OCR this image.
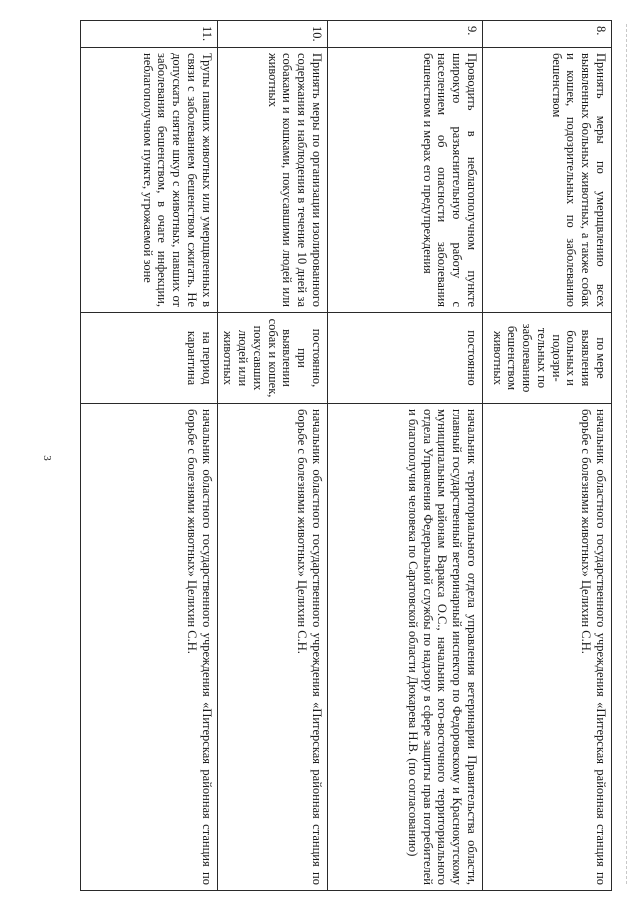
3
8.	Принять меры по умерщвлению всех выявленных больных животных, а также собак и кошек, подозрительных по заболеванию бешенством	по мере выявления больных и подозри-тельных по заболеванию бешенством животных	начальник областного государственного учреждения «Питерская районная станция по борьбе с болезнями животных» Целихин С.Н.
9.	Проводить в неблагополучном пункте широкую разъяснительную работу с населением об опасности заболевания бешенством и мерах его предупреждения	постоянно	начальник территориального отдела управления ветеринарии Правительства области, главный государственный ветеринарный инспектор по Федоровскому и Краснокутскому муниципальным районам Варакса О.С., начальник юго-восточного территориального отдела Управления Федеральной службы по надзору в сфере защиты прав потребителей и благополучия человека по Саратовской области Дюкарева Н.В. (по согласованию)
10.	Принять меры по организации изолированного содержания и наблюдения в течение 10 дней за собаками и кошками, покусавшими людей или животных	постоянно, при выявлении собак и кошек, покусавших людей или животных	начальник областного государственного учреждения «Питерская районная станция по борьбе с болезнями животных» Целихин С.Н.
11.	Трупы павших животных или умерщвленных в связи с заболеванием бешенством сжигать. Не допускать снятие шкур с животных, павших от заболевания бешенством, в очаге инфекции, неблагополучном пункте, угрожаемой зоне	на период карантина	начальник областного государственного учреждения «Питерская районная станция по борьбе с болезнями животных» Целихин С.Н.
